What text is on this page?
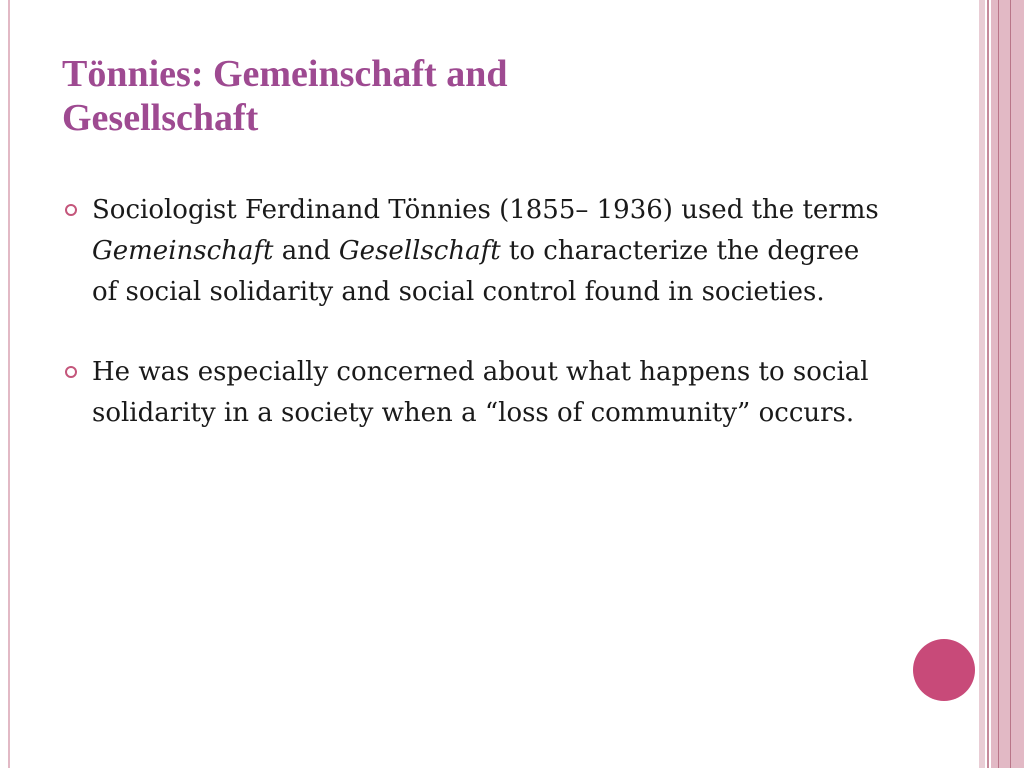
Tönnies: Gemeinschaft and
Gesellschaft
Sociologist Ferdinand Tönnies (1855– 1936) used the terms Gemeinschaft and Gesellschaft to characterize the degree of social solidarity and social control found in societies.
He was especially concerned about what happens to social solidarity in a society when a “loss of community” occurs.
